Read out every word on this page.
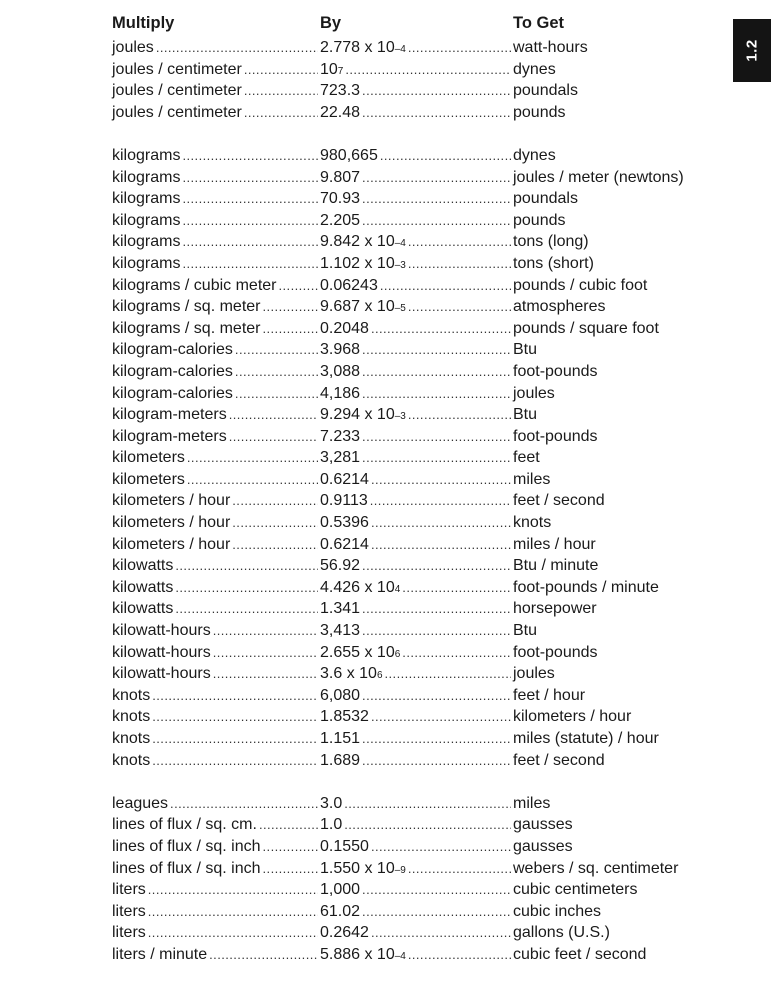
1.2
Multiply	By	To Get
joules . . .	2.778 x 10 –4 . . .	watt-hours
joules / centimeter . . .	10 7 . . .	dynes
joules / centimeter . . .	723.3 . . .	poundals
joules / centimeter . . .	22.48 . . .	pounds
kilograms . . .	980,665 . . .	dynes
kilograms . . .	9.807 . . .	joules / meter (newtons)
kilograms . . .	70.93 . . .	poundals
kilograms . . .	2.205 . . .	pounds
kilograms . . .	9.842 x 10 –4 . . .	tons (long)
kilograms . . .	1.102 x 10 –3 . . .	tons (short)
kilograms / cubic meter . . .	0.06243 . . .	pounds / cubic foot
kilograms / sq. meter . . .	9.687 x 10 –5 . . .	atmospheres
kilograms / sq. meter . . .	0.2048 . . .	pounds / square foot
kilogram-calories . . .	3.968 . . .	Btu
kilogram-calories . . .	3,088 . . .	foot-pounds
kilogram-calories . . .	4,186 . . .	joules
kilogram-meters . . .	9.294 x 10 –3 . . .	Btu
kilogram-meters . . .	7.233 . . .	foot-pounds
kilometers . . .	3,281 . . .	feet
kilometers . . .	0.6214 . . .	miles
kilometers / hour . . .	0.9113 . . .	feet / second
kilometers / hour . . .	0.5396 . . .	knots
kilometers / hour . . .	0.6214 . . .	miles / hour
kilowatts . . .	56.92 . . .	Btu / minute
kilowatts . . .	4.426 x 10 4 . . .	foot-pounds / minute
kilowatts . . .	1.341 . . .	horsepower
kilowatt-hours . . .	3,413 . . .	Btu
kilowatt-hours . . .	2.655 x 10 6 . . .	foot-pounds
kilowatt-hours . . .	3.6 x 10 6 . . .	joules
knots . . .	6,080 . . .	feet / hour
knots . . .	1.8532 . . .	kilometers / hour
knots . . .	1.151 . . .	miles (statute) / hour
knots . . .	1.689 . . .	feet / second
leagues . . .	3.0 . . .	miles
lines of flux / sq. cm. . . .	1.0 . . .	gausses
lines of flux / sq. inch . . .	0.1550 . . .	gausses
lines of flux / sq. inch . . .	1.550 x 10 –9 . . .	webers / sq. centimeter
liters . . .	1,000 . . .	cubic centimeters
liters . . .	61.02 . . .	cubic inches
liters . . .	0.2642 . . .	gallons (U.S.)
liters / minute . . .	5.886 x 10 –4 . . .	cubic feet / second
